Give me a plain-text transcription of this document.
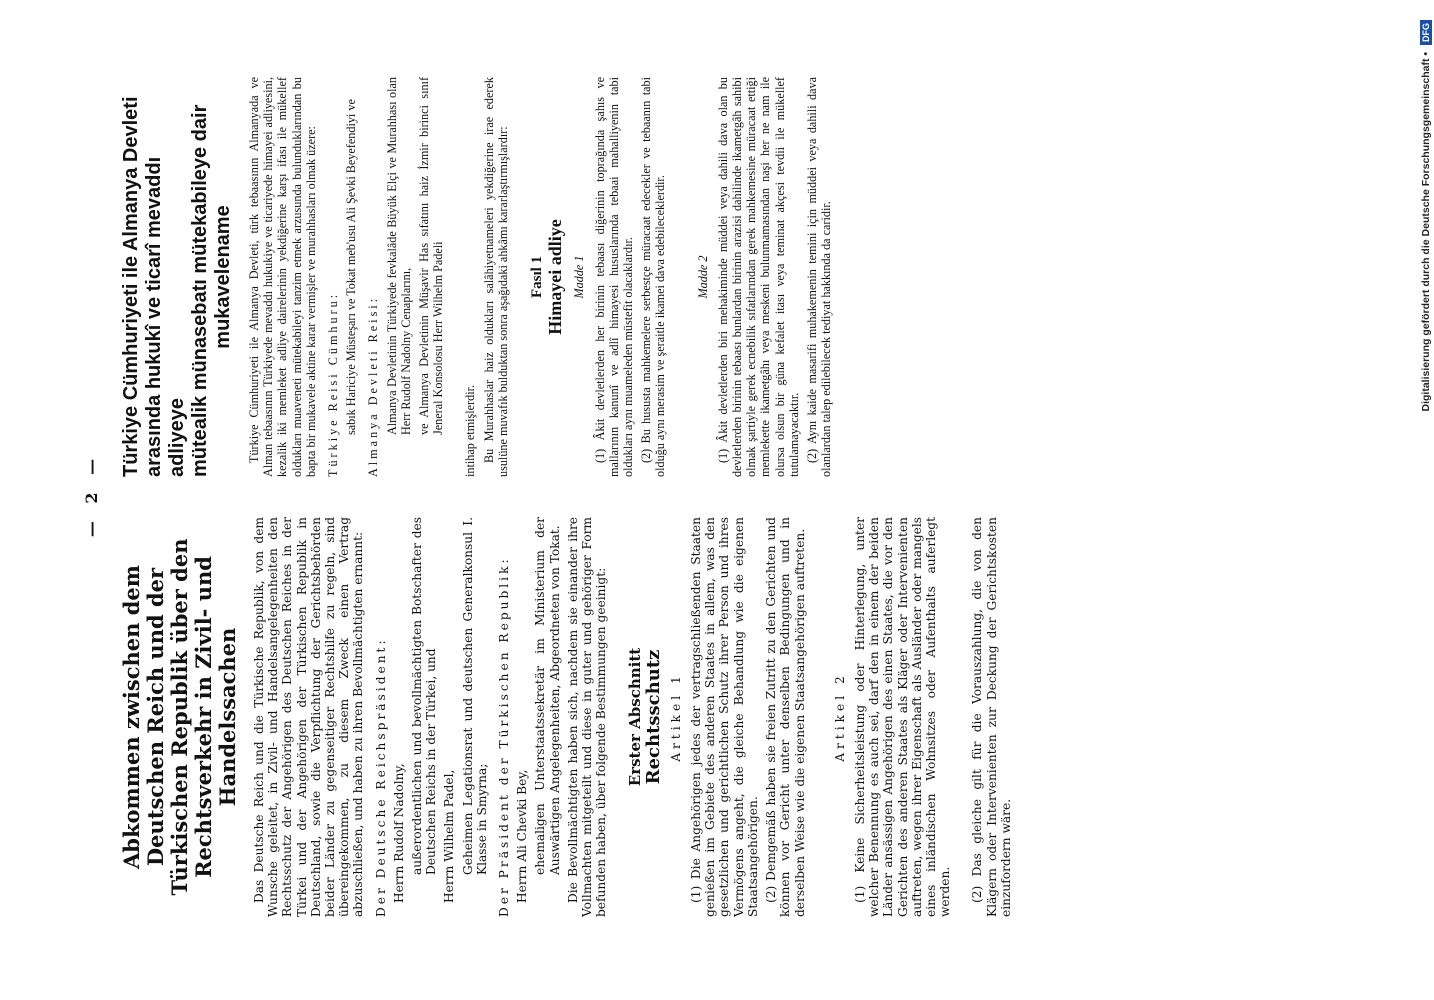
— 2 —
Abkommen zwischen dem Deutschen Reich und der Türkischen Republik über den Rechtsverkehr in Zivil- und Handelssachen Das Deutsche Reich und die Türkische Republik, von dem Wunsche geleitet, in Zivil- und Handelsangelegenheiten den Rechtsschutz der Angehörigen des Deutschen Reiches in der Türkei und der Angehörigen der Türkischen Republik in Deutschland, sowie die Verpflichtung der Gerichtsbehörden beider Länder zu gegenseitiger Rechtshilfe zu regeln, sind übereingekommen, zu diesem Zweck einen Vertrag abzuschließen, und haben zu ihren Bevollmächtigten ernannt: Der Deutsche Reichspräsident: Herrn Rudolf Nadolny, außerordentlichen und bevollmächtigten Botschafter des Deutschen Reichs in der Türkei, und Herrn Wilhelm Padel, Geheimen Legationsrat und deutschen Generalkonsul I. Klasse in Smyrna; Der Präsident der Türkischen Republik: Herrn Ali Chevki Bey, ehemaligen Unterstaatssekretär im Ministerium der Auswärtigen Angelegenheiten, Abgeordneten von Tokat. Die Bevollmächtigten haben sich, nachdem sie einander ihre Vollmachten mitgeteilt und diese in guter und gehöriger Form befunden haben, über folgende Bestimmungen geeinigt: Erster Abschnitt

Rechtsschutz Artikel 1 (1) Die Angehörigen jedes der vertragschließenden Staaten genießen im Gebiete des anderen Staates in allem, was den gesetzlichen und gerichtlichen Schutz ihrer Person und ihres Vermögens angeht, die gleiche Behandlung wie die eigenen Staatsangehörigen. (2) Demgemäß haben sie freien Zutritt zu den Gerichten und können vor Gericht unter denselben Bedingungen und in derselben Weise wie die eigenen Staatsangehörigen auftreten. Artikel 2 (1) Keine Sicherheitsleistung oder Hinterlegung, unter welcher Benennung es auch sei, darf den in einem der beiden Länder ansässigen Angehörigen des einen Staates, die vor den Gerichten des anderen Staates als Kläger oder Intervenienten auftreten, wegen ihrer Eigenschaft als Ausländer oder mangels eines inländischen Wohnsitzes oder Aufenthalts auferlegt werden. (2) Das gleiche gilt für die Vorauszahlung, die von den Klägern oder Intervenienten zur Deckung der Gerichtskosten einzufordern wäre.

Türkiye Cümhuriyeti ile Almanya Devleti
arasında hukukî ve ticarî mevaddı adliyeye
mütealik münasebatı mütekabileye dair mukavelename Türkiye Cümhuriyeti ile Almanya Devleti, türk tebaasının Almanyada ve Alman tebaasının Türkiyede mevaddı hukukiye ve ticariyede himayei adliyesini, kezalik iki memleket adliye dairelerinin yekdiğerine karşı ifası ile mükellef oldukları muaveneti mütekabileyi tanzim etmek arzusunda bulunduklarından bu bapta bir mukavele aktine karar vermişler ve murahhasları olmak üzere: Türkiye Reisi Cümhuru: sabık Hariciye Müsteşarı ve Tokat meb'usu Ali Şevki Beyefendiyi ve Almanya Devleti Reisi: Almanya Devletinin Türkiyede fevkalâde Büyük Elçi ve Murahhası olan Herr Rudolf Nadolny Cenaplarını, ve Almanya Devletinin Müşavir Has sıfatını haiz İzmir birinci sınıf Jeneral Konsolosu Herr Wilhelm Padeli intihap etmişlerdir. Bu Murahhaslar haiz oldukları salâhiyetnameleri yekdiğerine irae ederek usulüne muvafık bulduktan sonra aşağıdaki ahkâmı kararlaştırmışlardır: Fasıl 1 Himayei adliye Madde 1 (1) Âkit devletlerden her birinin tebaası diğerinin toprağında şahıs ve mallarının kanunî ve adlî himayesi hususlarında tebaai mahalliyenin tabi oldukları aynı muameleden müstefit olacaklardır. (2) Bu hususta mahkemelere serbestçe müracaat edecekler ve tebaanın tabi olduğu aynı merasim ve şeraitle ikamei dava edebileceklerdir. Madde 2 (1) Âkit devletlerden biri mehakiminde müddei veya dahili dava olan bu devletlerden birinin tebaası bunlardan birinin arazisi dahilinde ikametgâh sahibi olmak şartiyle gerek ecnebilik sıfatlarından gerek mahkemesine müracaat ettiği memlekette ikametgâhı veya meskeni bulunmamasından naşi her ne nam ile olursa olsun bir güna kefalet itası veya teminat akçesi tevdii ile mükellef tutulamayacaktır. (2) Aynı kaide masarifi muhakemenin temini için müddei veya dahili dava olanlardan talep edilebilecek tediyat hakkında da caridir.	Digitalisierung gefördert durch die Deutsche Forschungsgemeinschaft • DFG
